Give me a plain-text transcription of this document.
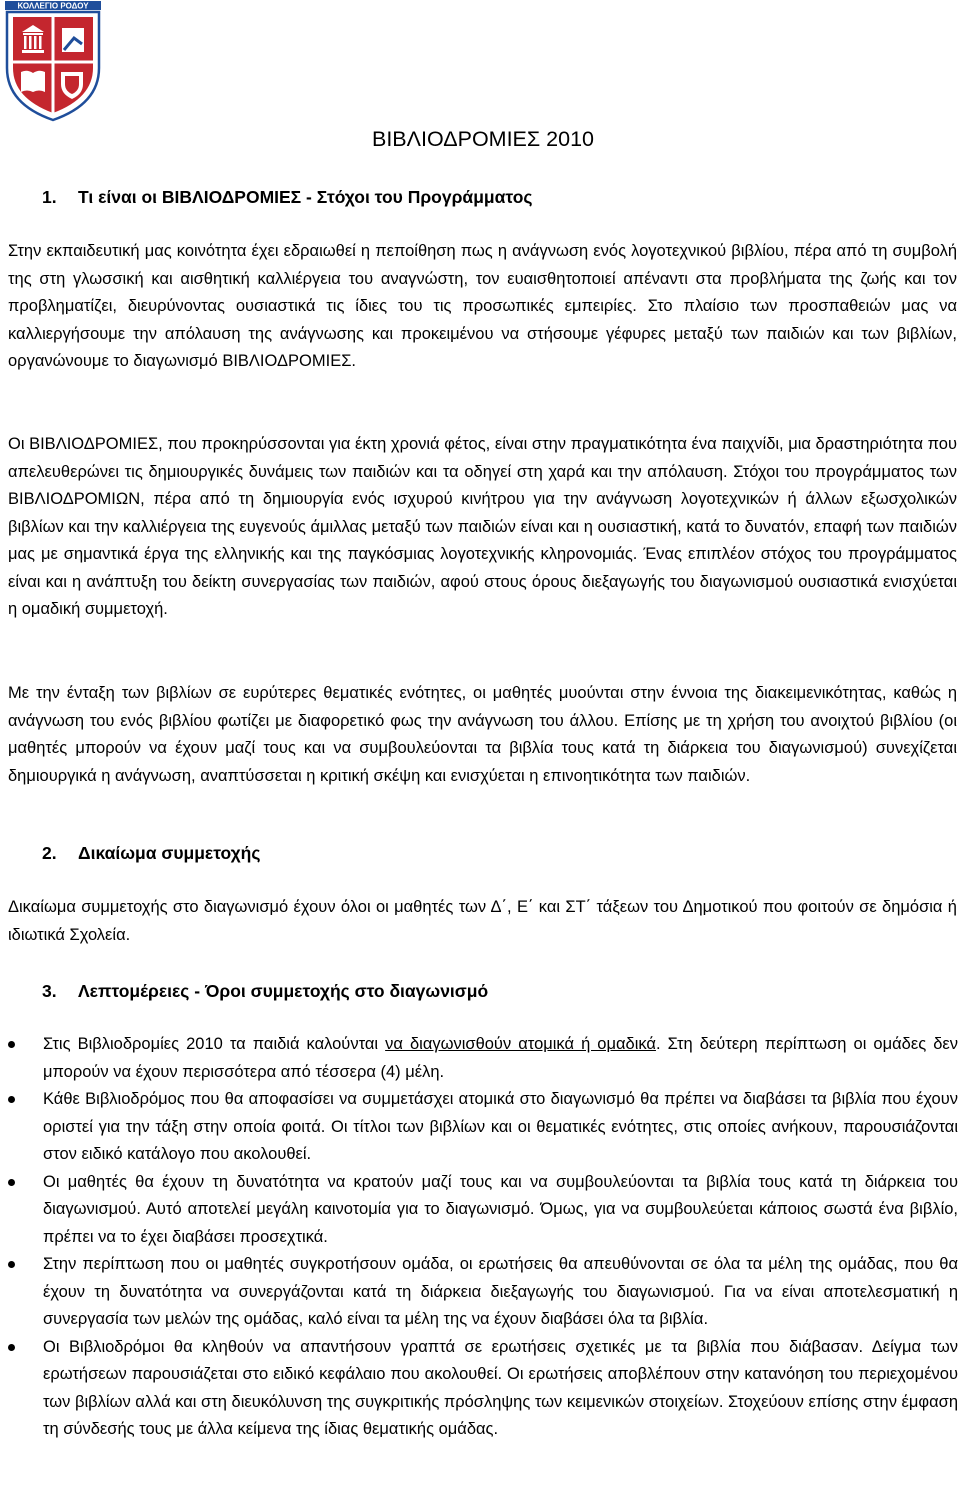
ΚΟΛΛΕΓΙΟ ΡΟΔΟΥ
ΒΙΒΛΙΟΔΡΟΜΙΕΣ 2010
1. Τι είναι οι ΒΙΒΛΙΟΔΡΟΜΙΕΣ - Στόχοι του Προγράμματος

Στην εκπαιδευτική μας κοινότητα έχει εδραιωθεί η πεποίθηση πως η ανάγνωση ενός λογοτεχνικού βιβλίου, πέρα από τη συμβολή της στη γλωσσική και αισθητική καλλιέργεια του αναγνώστη, τον ευαισθητοποιεί απέναντι στα προβλήματα της ζωής και τον προβληματίζει, διευρύνοντας ουσιαστικά τις ίδιες του τις προσωπικές εμπειρίες. Στο πλαίσιο των προσπαθειών μας να καλλιεργήσουμε την απόλαυση της ανάγνωσης και προκειμένου να στήσουμε γέφυρες μεταξύ των παιδιών και των βιβλίων, οργανώνουμε το διαγωνισμό ΒΙΒΛΙΟΔΡΟΜΙΕΣ.

Οι ΒΙΒΛΙΟΔΡΟΜΙΕΣ, που προκηρύσσονται για έκτη χρονιά φέτος, είναι στην πραγματικότητα ένα παιχνίδι, μια δραστηριότητα που απελευθερώνει τις δημιουργικές δυνάμεις των παιδιών και τα οδηγεί στη χαρά και την απόλαυση. Στόχοι του προγράμματος των ΒΙΒΛΙΟΔΡΟΜΙΩΝ, πέρα από τη δημιουργία ενός ισχυρού κινήτρου για την ανάγνωση λογοτεχνικών ή άλλων εξωσχολικών βιβλίων και την καλλιέργεια της ευγενούς άμιλλας μεταξύ των παιδιών είναι και η ουσιαστική, κατά το δυνατόν, επαφή των παιδιών μας με σημαντικά έργα της ελληνικής και της παγκόσμιας λογοτεχνικής κληρονομιάς. Ένας επιπλέον στόχος του προγράμματος είναι και η ανάπτυξη του δείκτη συνεργασίας των παιδιών, αφού στους όρους διεξαγωγής του διαγωνισμού ουσιαστικά ενισχύεται η ομαδική συμμετοχή.

Με την ένταξη των βιβλίων σε ευρύτερες θεματικές ενότητες, οι μαθητές μυούνται στην έννοια της διακειμενικότητας, καθώς η ανάγνωση του ενός βιβλίου φωτίζει με διαφορετικό φως την ανάγνωση του άλλου. Επίσης με τη χρήση του ανοιχτού βιβλίου (οι μαθητές μπορούν να έχουν μαζί τους και να συμβουλεύονται τα βιβλία τους κατά τη διάρκεια του διαγωνισμού) συνεχίζεται δημιουργικά η ανάγνωση, αναπτύσσεται η κριτική σκέψη και ενισχύεται η επινοητικότητα των παιδιών.

2. Δικαίωμα συμμετοχής

Δικαίωμα συμμετοχής στο διαγωνισμό έχουν όλοι οι μαθητές των Δ΄, Ε΄ και ΣΤ΄ τάξεων του Δημοτικού που φοιτούν σε δημόσια ή ιδιωτικά Σχολεία.

3. Λεπτομέρειες - Όροι συμμετοχής στο διαγωνισμό
Στις Βιβλιοδρομίες 2010 τα παιδιά καλούνται να διαγωνισθούν ατομικά ή ομαδικά. Στη δεύτερη περίπτωση οι ομάδες δεν μπορούν να έχουν περισσότερα από τέσσερα (4) μέλη.
Κάθε Βιβλιοδρόμος που θα αποφασίσει να συμμετάσχει ατομικά στο διαγωνισμό θα πρέπει να διαβάσει τα βιβλία που έχουν οριστεί για την τάξη στην οποία φοιτά. Οι τίτλοι των βιβλίων και οι θεματικές ενότητες, στις οποίες ανήκουν, παρουσιάζονται στον ειδικό κατάλογο που ακολουθεί.
Οι μαθητές θα έχουν τη δυνατότητα να κρατούν μαζί τους και να συμβουλεύονται τα βιβλία τους κατά τη διάρκεια του διαγωνισμού. Αυτό αποτελεί μεγάλη καινοτομία για το διαγωνισμό. Όμως, για να συμβουλεύεται κάποιος σωστά ένα βιβλίο, πρέπει να το έχει διαβάσει προσεχτικά.
Στην περίπτωση που οι μαθητές συγκροτήσουν ομάδα, οι ερωτήσεις θα απευθύνονται σε όλα τα μέλη της ομάδας, που θα έχουν τη δυνατότητα να συνεργάζονται κατά τη διάρκεια διεξαγωγής του διαγωνισμού. Για να είναι αποτελεσματική η συνεργασία των μελών της ομάδας, καλό είναι τα μέλη της να έχουν διαβάσει όλα τα βιβλία.
Οι Βιβλιοδρόμοι θα κληθούν να απαντήσουν γραπτά σε ερωτήσεις σχετικές με τα βιβλία που διάβασαν. Δείγμα των ερωτήσεων παρουσιάζεται στο ειδικό κεφάλαιο που ακολουθεί. Οι ερωτήσεις αποβλέπουν στην κατανόηση του περιεχομένου των βιβλίων αλλά και στη διευκόλυνση της συγκριτικής πρόσληψης των κειμενικών στοιχείων. Στοχεύουν επίσης στην έμφαση τη σύνδεσής τους με άλλα κείμενα της ίδιας θεματικής ομάδας.
